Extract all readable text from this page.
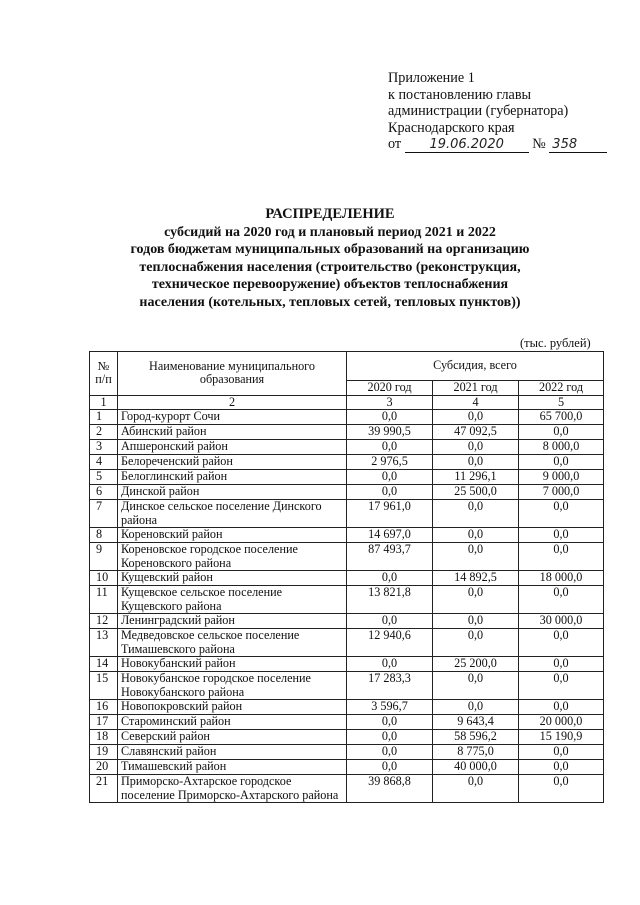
Приложение 1
к постановлению главы
администрации (губернатора)
Краснодарского края
от 19.06.2020 № 358
РАСПРЕДЕЛЕНИЕ
субсидий на 2020 год и плановый период 2021 и 2022
годов бюджетам муниципальных образований на организацию
теплоснабжения населения (строительство (реконструкция,
техническое перевооружение) объектов теплоснабжения
населения (котельных, тепловых сетей, тепловых пунктов))
(тыс. рублей)
№ п/п	Наименование муниципального образования	Субсидия, всего		
		2020 год	2021 год	2022 год
1	2	3	4	5
1	Город-курорт Сочи	0,0	0,0	65 700,0
2	Абинский район	39 990,5	47 092,5	0,0
3	Апшеронский район	0,0	0,0	8 000,0
4	Белореченский район	2 976,5	0,0	0,0
5	Белоглинский район	0,0	11 296,1	9 000,0
6	Динской район	0,0	25 500,0	7 000,0
7	Динское сельское поселение Динского района	17 961,0	0,0	0,0
8	Кореновский район	14 697,0	0,0	0,0
9	Кореновское городское поселение Кореновского района	87 493,7	0,0	0,0
10	Кущевский район	0,0	14 892,5	18 000,0
11	Кущевское сельское поселение Кущевского района	13 821,8	0,0	0,0
12	Ленинградский район	0,0	0,0	30 000,0
13	Медведовское сельское поселение Тимашевского района	12 940,6	0,0	0,0
14	Новокубанский район	0,0	25 200,0	0,0
15	Новокубанское городское поселение Новокубанского района	17 283,3	0,0	0,0
16	Новопокровский район	3 596,7	0,0	0,0
17	Староминский район	0,0	9 643,4	20 000,0
18	Северский район	0,0	58 596,2	15 190,9
19	Славянский район	0,0	8 775,0	0,0
20	Тимашевский район	0,0	40 000,0	0,0
21	Приморско-Ахтарское городское поселение Приморско-Ахтарского района	39 868,8	0,0	0,0
